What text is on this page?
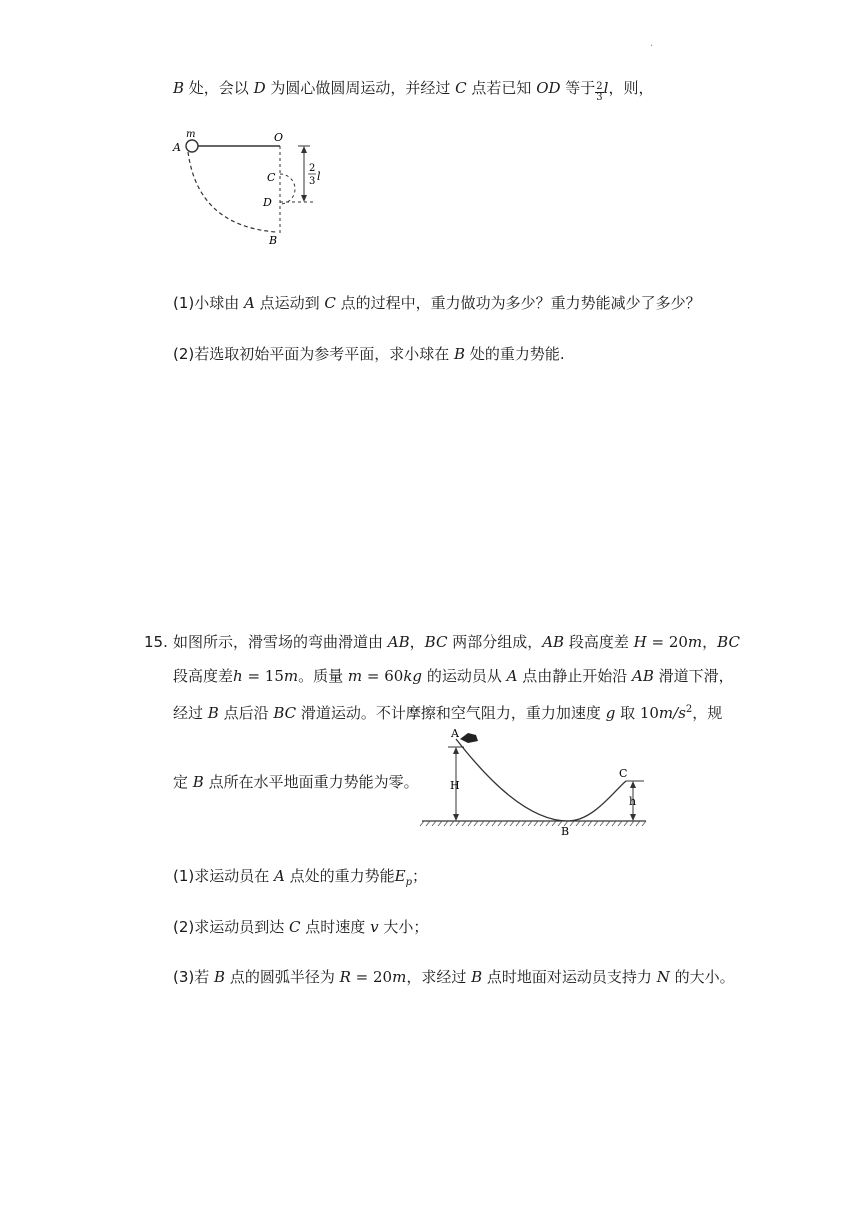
.
B 处，会以 D 为圆心做圆周运动，并经过 C 点若已知 OD 等于 $\frac{2}{3}$ l，则，
A
m	O
C
D
B
2
3 l
(1)小球由 A 点运动到 C 点的过程中，重力做功为多少？重力势能减少了多少？
(2)若选取初始平面为参考平面，求小球在 B 处的重力势能.
15. 如图所示，滑雪场的弯曲滑道由 AB，BC 两部分组成，AB 段高度差 H = 20m，BC
段高度差h = 15m。质量 m = 60kg 的运动员从 A 点由静止开始沿 AB 滑道下滑，
经过 B 点后沿 BC 滑道运动。不计摩擦和空气阻力，重力加速度 g 取 $10m/s^2$，规
定 B 点所在水平地面重力势能为零。
A
H
B
C
h
(1)求运动员在 A 点处的重力势能$E_p$；
(2)求运动员到达 C 点时速度 v 大小；
(3)若 B 点的圆弧半径为 R = 20m，求经过 B 点时地面对运动员支持力 N 的大小。
